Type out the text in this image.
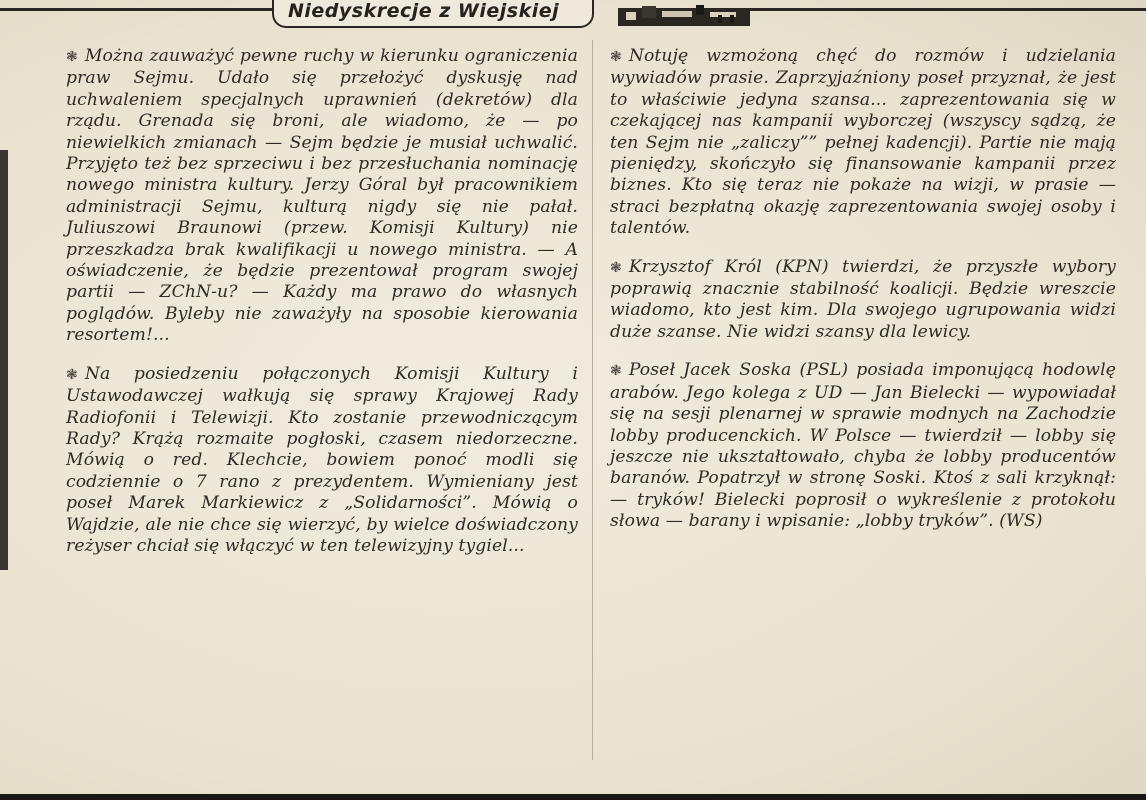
Niedyskrecje z Wiejskiej

❃ Można zauważyć pewne ruchy w kierunku ograniczenia praw Sejmu. Udało się przełożyć dyskusję nad uchwaleniem specjalnych uprawnień (dekretów) dla rządu. Grenada się broni, ale wiadomo, że — po niewielkich zmianach — Sejm będzie je musiał uchwalić. Przyjęto też bez sprzeciwu i bez przesłuchania nominację nowego ministra kultury. Jerzy Góral był pracownikiem administracji Sejmu, kulturą nigdy się nie pałał. Juliuszowi Braunowi (przew. Komisji Kultury) nie przeszkadza brak kwalifikacji u nowego ministra. — A oświadczenie, że będzie prezentował program swojej partii — ZChN-u? — Każdy ma prawo do własnych poglądów. Byleby nie zaważyły na sposobie kierowania resortem!...

❃ Na posiedzeniu połączonych Komisji Kultury i Ustawodawczej wałkują się sprawy Krajowej Rady Radiofonii i Telewizji. Kto zostanie przewodniczącym Rady? Krążą rozmaite pogłoski, czasem niedorzeczne. Mówią o red. Klechcie, bowiem ponoć modli się codziennie o 7 rano z prezydentem. Wymieniany jest poseł Marek Markiewicz z „Solidarności”. Mówią o Wajdzie, ale nie chce się wierzyć, by wielce doświadczony reżyser chciał się włączyć w ten telewizyjny tygiel...

❃ Notuję wzmożoną chęć do rozmów i udzielania wywiadów prasie. Zaprzyjaźniony poseł przyznał, że jest to właściwie jedyna szansa... zaprezentowania się w czekającej nas kampanii wyborczej (wszyscy sądzą, że ten Sejm nie „zaliczy”” pełnej kadencji). Partie nie mają pieniędzy, skończyło się finansowanie kampanii przez biznes. Kto się teraz nie pokaże na wizji, w prasie — straci bezpłatną okazję zaprezentowania swojej osoby i talentów.

❃ Krzysztof Król (KPN) twierdzi, że przyszłe wybory poprawią znacznie stabilność koalicji. Będzie wreszcie wiadomo, kto jest kim. Dla swojego ugrupowania widzi duże szanse. Nie widzi szansy dla lewicy.

❃ Poseł Jacek Soska (PSL) posiada imponującą hodowlę arabów. Jego kolega z UD — Jan Bielecki — wypowiadał się na sesji plenarnej w sprawie modnych na Zachodzie lobby producenckich. W Polsce — twierdził — lobby się jeszcze nie ukształtowało, chyba że lobby producentów baranów. Popatrzył w stronę Soski. Ktoś z sali krzyknął: — tryków! Bielecki poprosił o wykreślenie z protokołu słowa — barany i wpisanie: „lobby tryków”. (WS)
